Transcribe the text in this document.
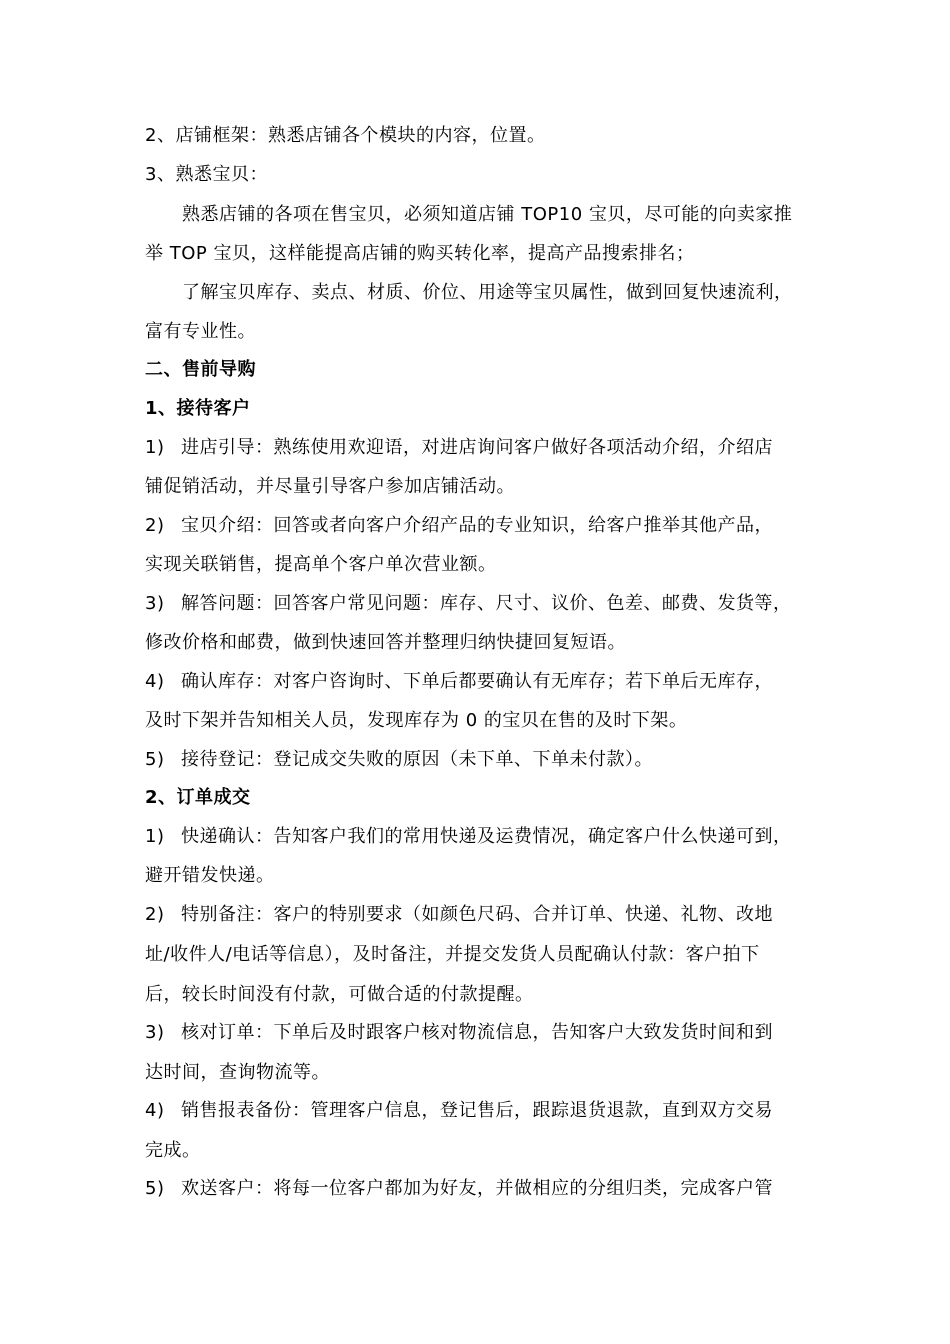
2、店铺框架：熟悉店铺各个模块的内容，位置。
3、熟悉宝贝：
熟悉店铺的各项在售宝贝，必须知道店铺 TOP10 宝贝，尽可能的向卖家推
举 TOP 宝贝，这样能提高店铺的购买转化率，提高产品搜索排名；
了解宝贝库存、卖点、材质、价位、用途等宝贝属性，做到回复快速流利，
富有专业性。
二、售前导购
1、接待客户
1) 进店引导：熟练使用欢迎语，对进店询问客户做好各项活动介绍，介绍店
铺促销活动，并尽量引导客户参加店铺活动。
2) 宝贝介绍：回答或者向客户介绍产品的专业知识，给客户推举其他产品，
实现关联销售，提高单个客户单次营业额。
3) 解答问题：回答客户常见问题：库存、尺寸、议价、色差、邮费、发货等，
修改价格和邮费，做到快速回答并整理归纳快捷回复短语。
4) 确认库存：对客户咨询时、下单后都要确认有无库存；若下单后无库存，
及时下架并告知相关人员，发现库存为 0 的宝贝在售的及时下架。
5) 接待登记：登记成交失败的原因（未下单、下单未付款）。
2、订单成交
1) 快递确认：告知客户我们的常用快递及运费情况，确定客户什么快递可到，
避开错发快递。
2) 特别备注：客户的特别要求（如颜色尺码、合并订单、快递、礼物、改地
址/收件人/电话等信息），及时备注，并提交发货人员配确认付款：客户拍下
后，较长时间没有付款，可做合适的付款提醒。
3) 核对订单：下单后及时跟客户核对物流信息，告知客户大致发货时间和到
达时间，查询物流等。
4) 销售报表备份：管理客户信息，登记售后，跟踪退货退款，直到双方交易
完成。
5) 欢送客户：将每一位客户都加为好友，并做相应的分组归类，完成客户管
